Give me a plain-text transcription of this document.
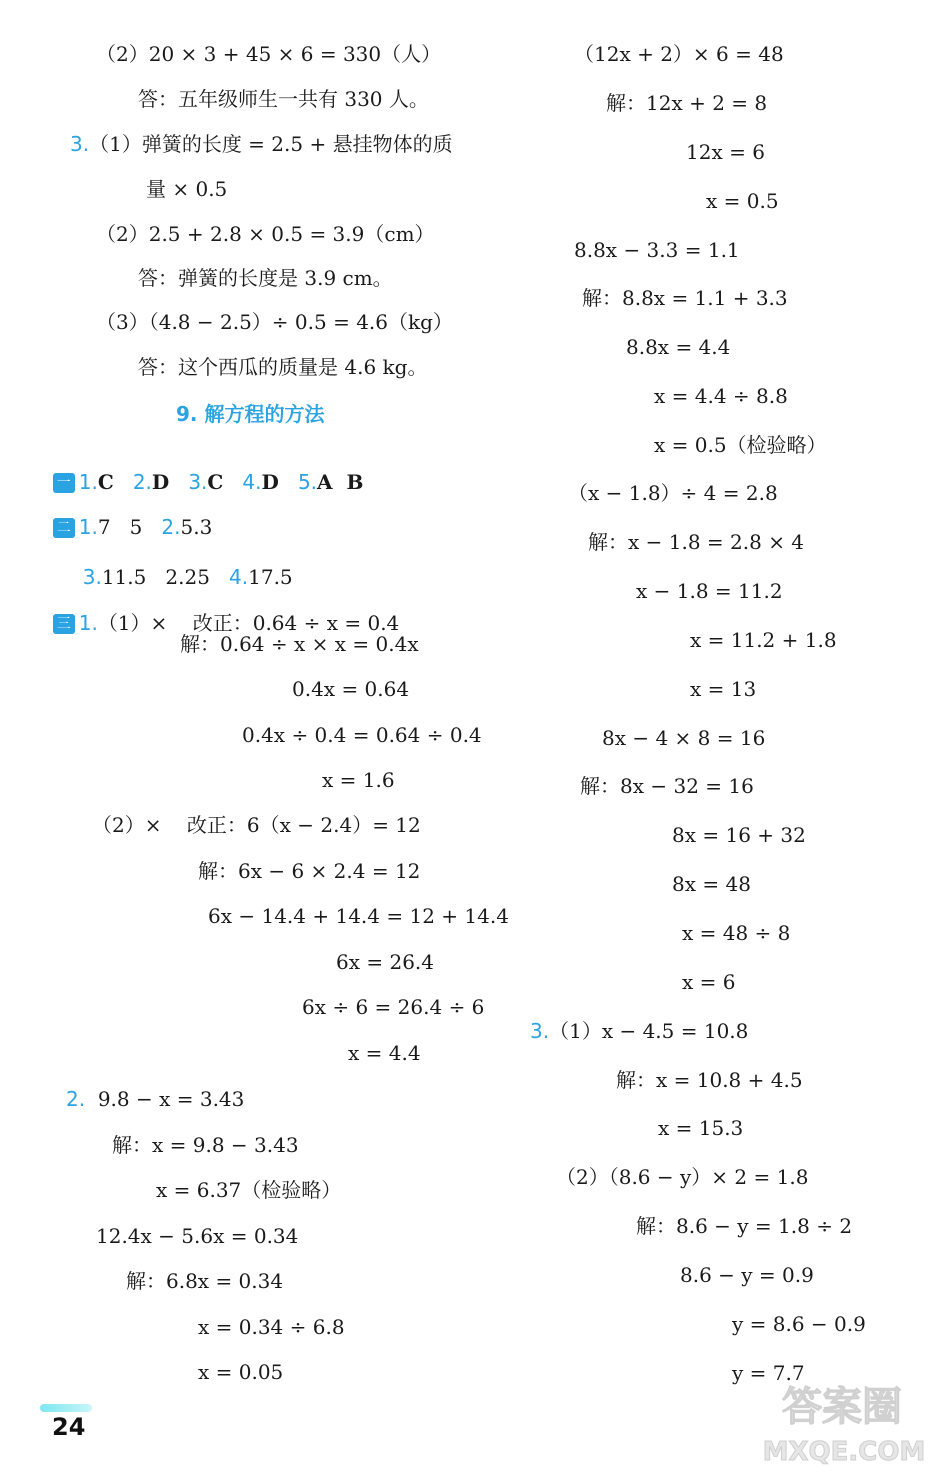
（2）20 × 3 + 45 × 6 = 330（人）
答：五年级师生一共有 330 人。
3.（1）弹簧的长度 = 2.5 + 悬挂物体的质
量 × 0.5
（2）2.5 + 2.8 × 0.5 = 3.9（cm）
答：弹簧的长度是 3.9 cm。
（3）（4.8 − 2.5）÷ 0.5 = 4.6（kg）
答：这个西瓜的质量是 4.6 kg。
9. 解方程的方法

一 1.C 2.D 3.C 4.D 5.A  B

二 1.7   5 2.5.3

3.11.5   2.25 4.17.5

三 1.（1）×    改正：0.64 ÷ x = 0.4

解：0.64 ÷ x × x = 0.4x
0.4x = 0.64
0.4x ÷ 0.4 = 0.64 ÷ 0.4
x = 1.6
（2）×    改正：6（x − 2.4）= 12
解：6x − 6 × 2.4 = 12
6x − 14.4 + 14.4 = 12 + 14.4
6x = 26.4
6x ÷ 6 = 26.4 ÷ 6
x = 4.4
2. 9.8 − x = 3.43
解：x = 9.8 − 3.43
x = 6.37（检验略）
12.4x − 5.6x = 0.34
解：6.8x = 0.34
x = 0.34 ÷ 6.8
x = 0.05
（12x + 2）× 6 = 48
解：12x + 2 = 8
12x = 6
x = 0.5
8.8x − 3.3 = 1.1
解：8.8x = 1.1 + 3.3
8.8x = 4.4
x = 4.4 ÷ 8.8
x = 0.5（检验略）
（x − 1.8）÷ 4 = 2.8
解：x − 1.8 = 2.8 × 4
x − 1.8 = 11.2
x = 11.2 + 1.8
x = 13
8x − 4 × 8 = 16
解：8x − 32 = 16
8x = 16 + 32
8x = 48
x = 48 ÷ 8
x = 6
3.（1）x − 4.5 = 10.8
解：x = 10.8 + 4.5
x = 15.3
（2）（8.6 − y）× 2 = 1.8
解：8.6 − y = 1.8 ÷ 2
8.6 − y = 0.9
y = 8.6 − 0.9
y = 7.7
24	答案圈
MXQE.COM
